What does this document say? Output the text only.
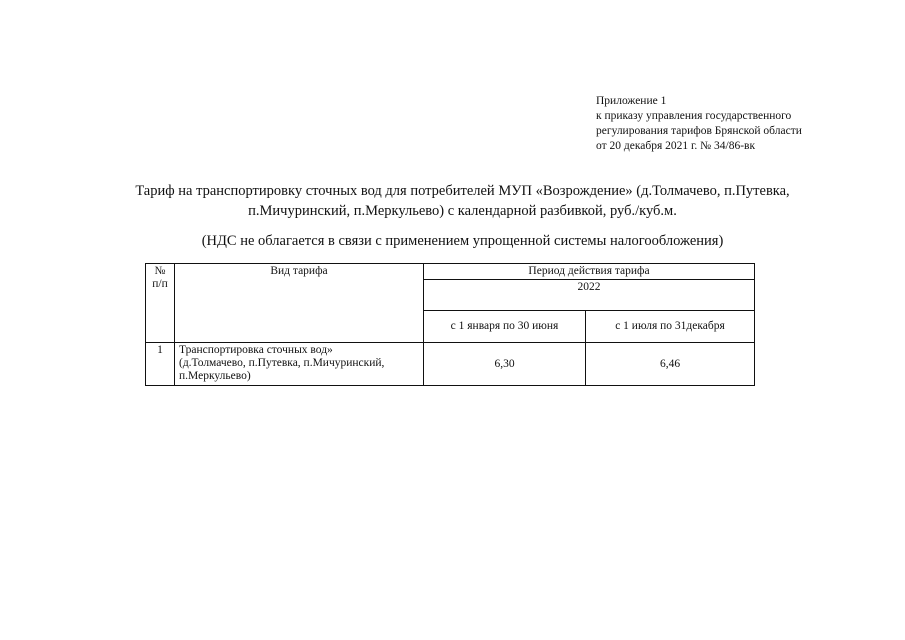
Приложение 1
к приказу управления государственного
регулирования тарифов Брянской области
от 20 декабря 2021 г. № 34/86-вк
Тариф на транспортировку сточных вод для потребителей МУП «Возрождение» (д.Толмачево, п.Путевка,
п.Мичуринский, п.Меркульево) с календарной разбивкой, руб./куб.м.
(НДС не облагается в связи с применением упрощенной системы налогообложения)
№
п/п	Вид тарифа	Период действия тарифа	
		2022	
		с 1 января по 30 июня	с 1 июля по 31декабря
1	Транспортировка сточных вод»
(д.Толмачево, п.Путевка, п.Мичуринский,
п.Меркульево)	6,30	6,46
